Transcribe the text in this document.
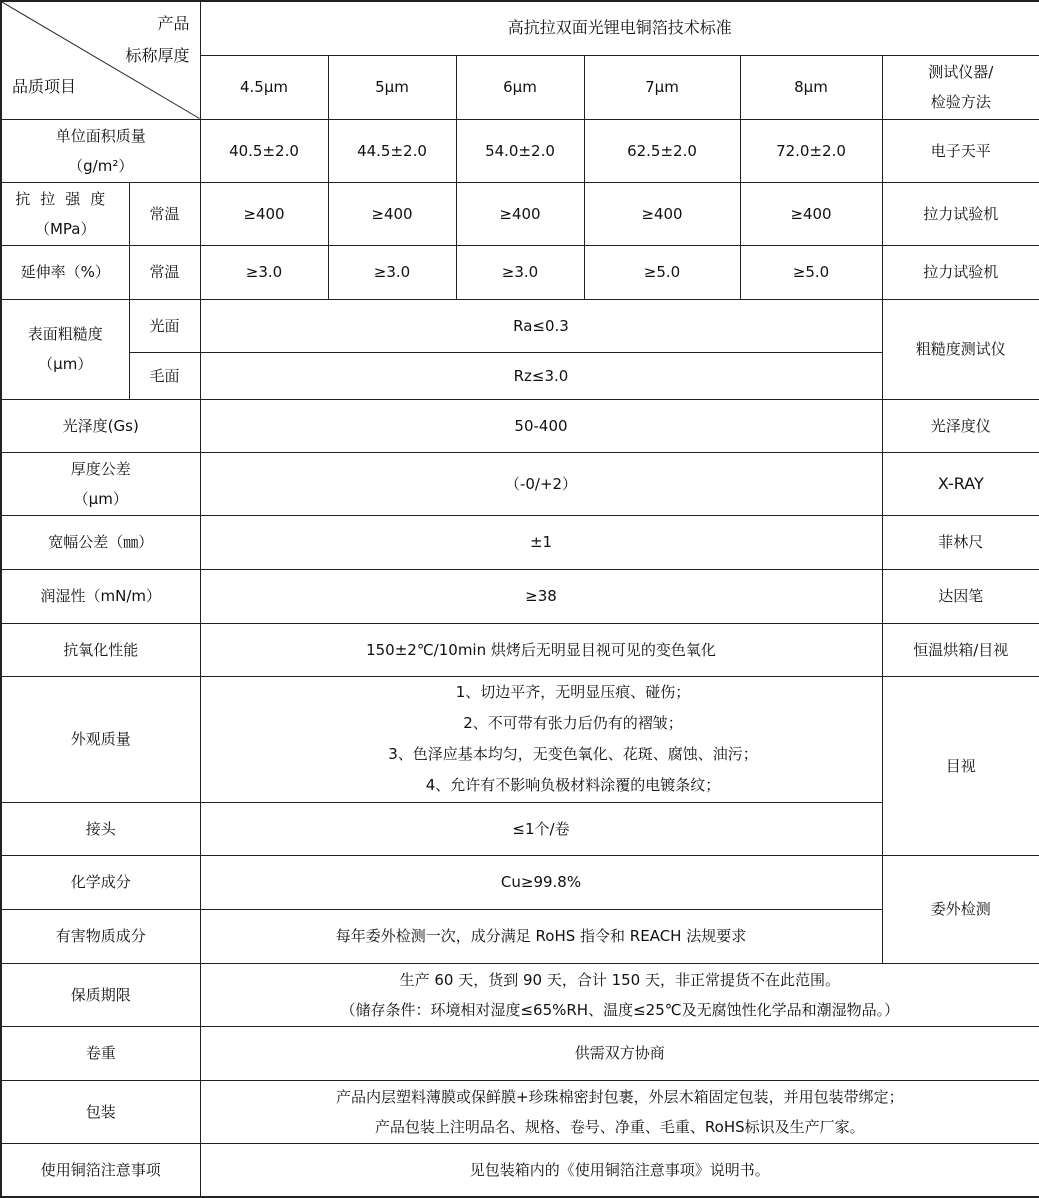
产品
标称厚度
品质项目		高抗拉双面光锂电铜箔技术标准					
		4.5μm	5μm	6μm	7μm	8μm	测试仪器/
检验方法

单位面积质量
（g/m²）		40.5±2.0	44.5±2.0	54.0±2.0	62.5±2.0	72.0±2.0	电子天平

抗拉强度
（MPa）	常温	≥400	≥400	≥400	≥400	≥400	拉力试验机
延伸率（%）	常温	≥3.0	≥3.0	≥3.0	≥5.0	≥5.0	拉力试验机

表面粗糙度
（μm）	光面	Ra≤0.3					粗糙度测试仪
	毛面	Rz≤3.0					
光泽度(Gs)		50-400					光泽度仪

厚度公差
（μm）		（-0/+2）					X-RAY
宽幅公差（㎜）		±1					菲林尺
润湿性（mN/m）		≥38					达因笔
抗氧化性能		150±2℃/10min 烘烤后无明显目视可见的变色氧化					恒温烘箱/目视
外观质量		1、切边平齐，无明显压痕、碰伤；
2、不可带有张力后仍有的褶皱；
3、色泽应基本均匀，无变色氧化、花斑、腐蚀、油污；
4、允许有不影响负极材料涂覆的电镀条纹；					目视
接头		≤1个/卷					
化学成分		Cu≥99.8%					委外检测
有害物质成分		每年委外检测一次，成分满足 RoHS 指令和 REACH 法规要求					
保质期限		生产 60 天，货到 90 天，合计 150 天，非正常提货不在此范围。
（储存条件：环境相对湿度≤65%RH、温度≤25℃及无腐蚀性化学品和潮湿物品。）					

卷重		供需双方协商					
包装		产品内层塑料薄膜或保鲜膜+珍珠棉密封包裹，外层木箱固定包装，并用包装带绑定；
产品包装上注明品名、规格、卷号、净重、毛重、RoHS标识及生产厂家。					

使用铜箔注意事项		见包装箱内的《使用铜箔注意事项》说明书。					
